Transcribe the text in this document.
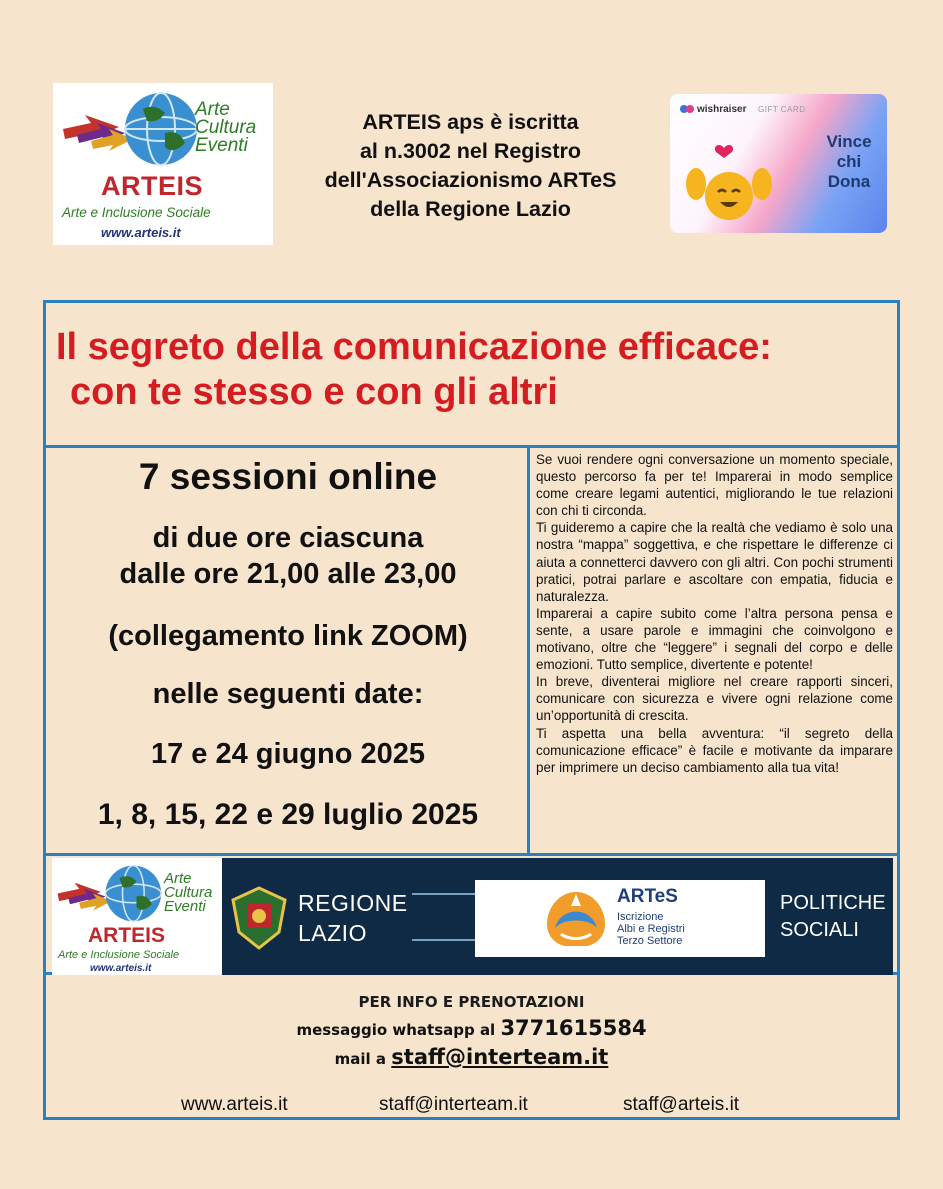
Arte
Cultura
Eventi
ARTEIS
Arte e Inclusione Sociale
www.arteis.it
ARTEIS aps è iscritta
al n.3002 nel Registro
dell'Associazionismo ARTeS
della Regione Lazio
wishraiser GIFT CARD
Vince
chi
Dona
Il segreto della comunicazione efficace:
con te stesso e con gli altri
7 sessioni online
di due ore ciascuna
dalle ore 21,00 alle 23,00
(collegamento link ZOOM)
nelle seguenti date:
17 e 24 giugno 2025
1, 8, 15, 22 e 29 luglio 2025

Se vuoi rendere ogni conversazione un momento speciale, questo percorso fa per te! Imparerai in modo semplice come creare legami autentici, migliorando le tue relazioni con chi ti circonda.

Ti guideremo a capire che la realtà che vediamo è solo una nostra “mappa” soggettiva, e che rispettare le differenze ci aiuta a connetterci davvero con gli altri. Con pochi strumenti pratici, potrai parlare e ascoltare con empatia, fiducia e naturalezza.

Imparerai a capire subito come l’altra persona pensa e sente, a usare parole e immagini che coinvolgono e motivano, oltre che “leggere” i segnali del corpo e delle emozioni. Tutto semplice, divertente e potente!

In breve, diventerai migliore nel creare rapporti sinceri, comunicare con sicurezza e vivere ogni relazione come un’opportunità di crescita.

Ti aspetta una bella avventura: “il segreto della comunicazione efficace” è facile e motivante da imparare per imprimere un deciso cambiamento alla tua vita!

Arte
Cultura
Eventi
ARTEIS
Arte e Inclusione Sociale
www.arteis.it
REGIONE
LAZIO
ARTeS
Iscrizione
Albi e Registri
Terzo Settore
POLITICHE
SOCIALI
PER INFO E PRENOTAZIONI
messaggio whatsapp al 3771615584
mail a staff@interteam.it
www.arteis.it	staff@interteam.it	staff@arteis.it
